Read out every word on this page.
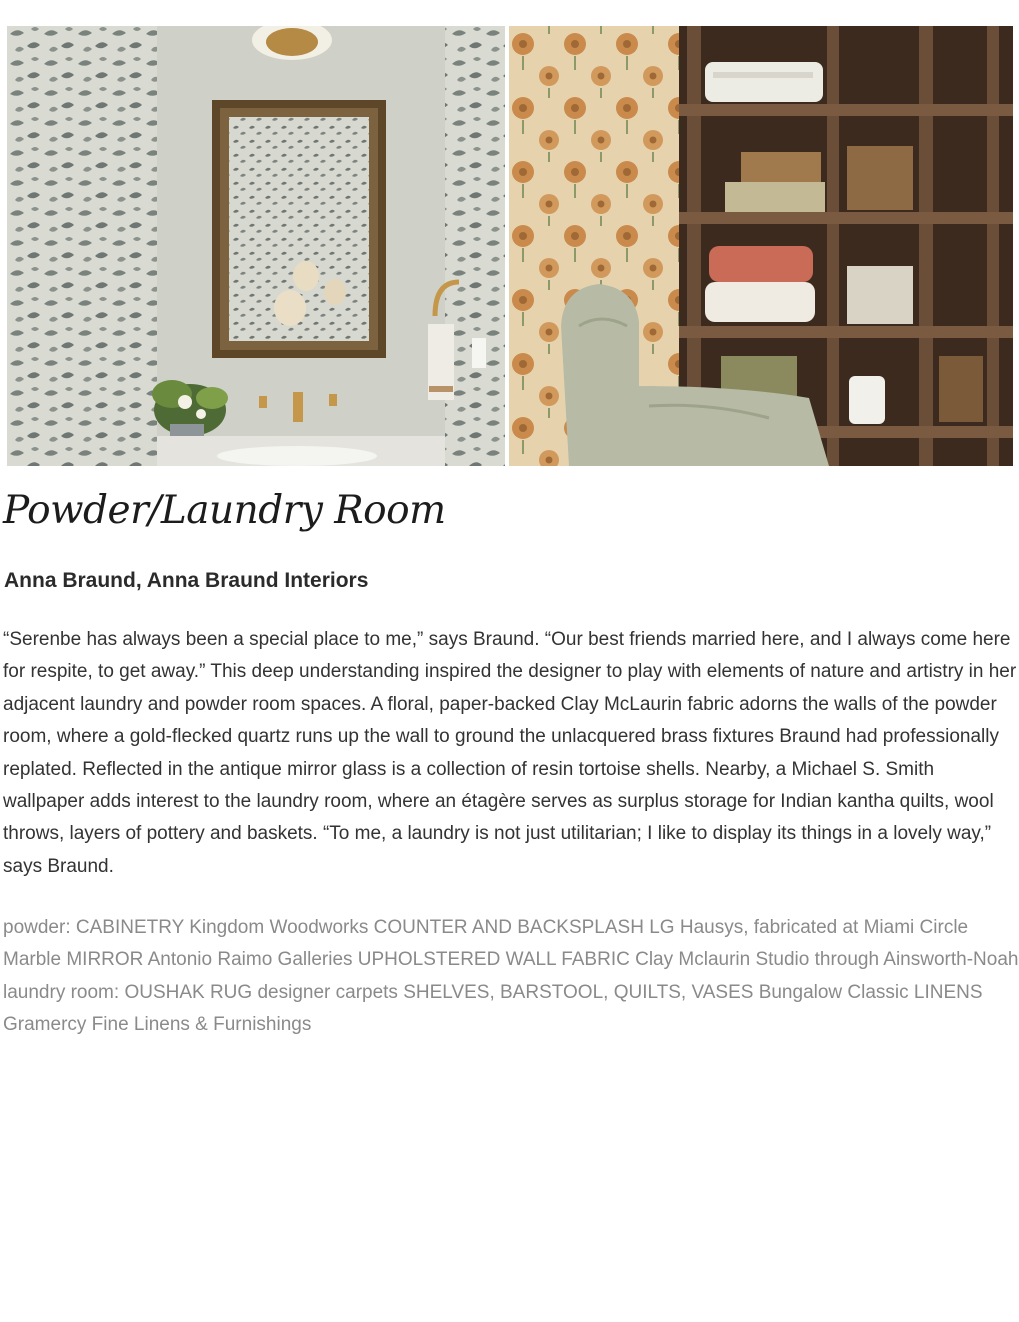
Powder/Laundry Room
Anna Braund, Anna Braund Interiors

“Serenbe has always been a special place to me,” says Braund. “Our best friends married here, and I always come here for respite, to get away.” This deep understanding inspired the designer to play with elements of nature and artistry in her adjacent laundry and powder room spaces. A floral, paper-backed Clay McLaurin fabric adorns the walls of the powder room, where a gold-flecked quartz runs up the wall to ground the unlacquered brass fixtures Braund had professionally replated. Reflected in the antique mirror glass is a collection of resin tortoise shells. Nearby, a Michael S. Smith wallpaper adds interest to the laundry room, where an étagère serves as surplus storage for Indian kantha quilts, wool throws, layers of pottery and baskets. “To me, a laundry is not just utilitarian; I like to display its things in a lovely way,” says Braund.

powder: CABINETRY Kingdom Woodworks COUNTER AND BACKSPLASH LG Hausys, fabricated at Miami Circle Marble MIRROR Antonio Raimo Galleries UPHOLSTERED WALL FABRIC Clay Mclaurin Studio through Ainsworth-Noah

laundry room: OUSHAK RUG designer carpets SHELVES, BARSTOOL, QUILTS, VASES Bungalow Classic LINENS Gramercy Fine Linens & Furnishings
